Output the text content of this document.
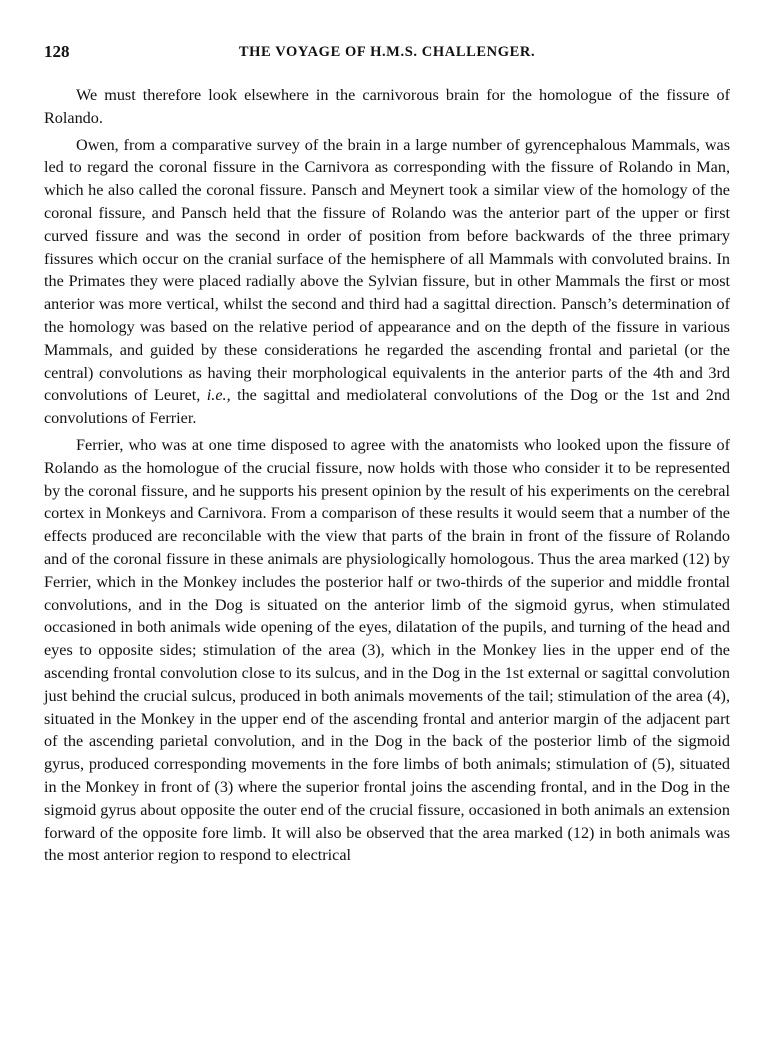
128	THE VOYAGE OF H.M.S. CHALLENGER.

We must therefore look elsewhere in the carnivorous brain for the homologue of the fissure of Rolando.

Owen, from a comparative survey of the brain in a large number of gyrencephalous Mammals, was led to regard the coronal fissure in the Carnivora as corresponding with the fissure of Rolando in Man, which he also called the coronal fissure. Pansch and Meynert took a similar view of the homology of the coronal fissure, and Pansch held that the fissure of Rolando was the anterior part of the upper or first curved fissure and was the second in order of position from before backwards of the three primary fissures which occur on the cranial surface of the hemisphere of all Mammals with convoluted brains. In the Primates they were placed radially above the Sylvian fissure, but in other Mammals the first or most anterior was more vertical, whilst the second and third had a sagittal direction. Pansch’s determination of the homology was based on the relative period of appearance and on the depth of the fissure in various Mammals, and guided by these considerations he regarded the ascending frontal and parietal (or the central) convolutions as having their morphological equivalents in the anterior parts of the 4th and 3rd convolutions of Leuret, i.e., the sagittal and mediolateral convolutions of the Dog or the 1st and 2nd convolutions of Ferrier.

Ferrier, who was at one time disposed to agree with the anatomists who looked upon the fissure of Rolando as the homologue of the crucial fissure, now holds with those who consider it to be represented by the coronal fissure, and he supports his present opinion by the result of his experiments on the cerebral cortex in Monkeys and Carnivora. From a comparison of these results it would seem that a number of the effects produced are reconcilable with the view that parts of the brain in front of the fissure of Rolando and of the coronal fissure in these animals are physiologically homologous. Thus the area marked (12) by Ferrier, which in the Monkey includes the posterior half or two-thirds of the superior and middle frontal convolutions, and in the Dog is situated on the anterior limb of the sigmoid gyrus, when stimulated occasioned in both animals wide opening of the eyes, dilatation of the pupils, and turning of the head and eyes to opposite sides; stimulation of the area (3), which in the Monkey lies in the upper end of the ascending frontal convolution close to its sulcus, and in the Dog in the 1st external or sagittal convolution just behind the crucial sulcus, produced in both animals movements of the tail; stimulation of the area (4), situated in the Monkey in the upper end of the ascending frontal and anterior margin of the adjacent part of the ascending parietal convolution, and in the Dog in the back of the posterior limb of the sigmoid gyrus, produced corresponding movements in the fore limbs of both animals; stimulation of (5), situated in the Monkey in front of (3) where the superior frontal joins the ascending frontal, and in the Dog in the sigmoid gyrus about opposite the outer end of the crucial fissure, occasioned in both animals an extension forward of the opposite fore limb. It will also be observed that the area marked (12) in both animals was the most anterior region to respond to electrical
